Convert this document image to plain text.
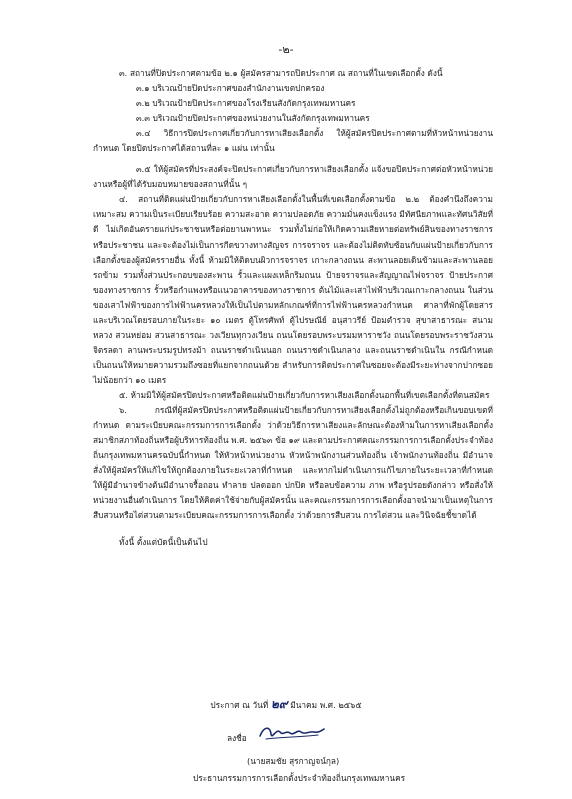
-๒-

๓. สถานที่ปิดประกาศตามข้อ ๒.๑ ผู้สมัครสามารถปิดประกาศ ณ สถานที่ในเขตเลือกตั้ง ดังนี้

๓.๑ บริเวณป้ายปิดประกาศของสำนักงานเขตปกครอง

๓.๒ บริเวณป้ายปิดประกาศของโรงเรียนสังกัดกรุงเทพมหานคร

๓.๓ บริเวณป้ายปิดประกาศของหน่วยงานในสังกัดกรุงเทพมหานคร

๓.๔ วิธีการปิดประกาศเกี่ยวกับการหาเสียงเลือกตั้ง ให้ผู้สมัครปิดประกาศตามที่หัวหน้าหน่วยงานกำหนด โดยปิดประกาศได้สถานที่ละ ๑ แผ่น เท่านั้น

๓.๕ ให้ผู้สมัครที่ประสงค์จะปิดประกาศเกี่ยวกับการหาเสียงเลือกตั้ง แจ้งขอปิดประกาศต่อหัวหน้าหน่วยงานหรือผู้ที่ได้รับมอบหมายของสถานที่นั้น ๆ

๔. สถานที่ติดแผ่นป้ายเกี่ยวกับการหาเสียงเลือกตั้งในพื้นที่เขตเลือกตั้งตามข้อ ๒.๒ ต้องคำนึงถึงความเหมาะสม ความเป็นระเบียบเรียบร้อย ความสะอาด ความปลอดภัย ความมั่นคงแข็งแรง มีทัศนียภาพและทัศนวิสัยที่ดี ไม่เกิดอันตรายแก่ประชาชนหรือต่อยานพาหนะ รวมทั้งไม่ก่อให้เกิดความเสียหายต่อทรัพย์สินของทางราชการหรือประชาชน และจะต้องไม่เป็นการกีดขวางทางสัญจร การจราจร และต้องไม่ติดทับซ้อนกับแผ่นป้ายเกี่ยวกับการเลือกตั้งของผู้สมัครรายอื่น ทั้งนี้ ห้ามมิให้ติดบนผิวการจราจร เกาะกลางถนน สะพานลอยเดินข้ามและสะพานลอยรถข้าม รวมทั้งส่วนประกอบของสะพาน รั้วและแผงเหล็กริมถนน ป้ายจราจรและสัญญาณไฟจราจร ป้ายประกาศของทางราชการ รั้วหรือกำแพงหรือแนวอาคารของทางราชการ ต้นไม้และเสาไฟฟ้าบริเวณเกาะกลางถนน ในส่วนของเสาไฟฟ้าของการไฟฟ้านครหลวงให้เป็นไปตามหลักเกณฑ์ที่การไฟฟ้านครหลวงกำหนด ศาลาที่พักผู้โดยสารและบริเวณโดยรอบภายในระยะ ๑๐ เมตร ตู้โทรศัพท์ ตู้ไปรษณีย์ อนุสาวรีย์ ป้อมตำรวจ สุขาสาธารณะ สนามหลวง สวนหย่อม สวนสาธารณะ วงเวียนทุกวงเวียน ถนนโดยรอบพระบรมมหาราชวัง ถนนโดยรอบพระราชวังสวนจิตรลดา ลานพระบรมรูปทรงม้า ถนนราชดำเนินนอก ถนนราชดำเนินกลาง และถนนราชดำเนินใน กรณีกำหนดเป็นถนนให้หมายความรวมถึงซอยที่แยกจากถนนด้วย สำหรับการติดประกาศในซอยจะต้องมีระยะห่างจากปากซอยไม่น้อยกว่า ๑๐ เมตร

๕. ห้ามมิให้ผู้สมัครปิดประกาศหรือติดแผ่นป้ายเกี่ยวกับการหาเสียงเลือกตั้งนอกพื้นที่เขตเลือกตั้งที่ตนสมัคร

๖. กรณีที่ผู้สมัครปิดประกาศหรือติดแผ่นป้ายเกี่ยวกับการหาเสียงเลือกตั้งไม่ถูกต้องหรือเกินขอบเขตที่กำหนด ตามระเบียบคณะกรรมการการเลือกตั้ง ว่าด้วยวิธีการหาเสียงและลักษณะต้องห้ามในการหาเสียงเลือกตั้งสมาชิกสภาท้องถิ่นหรือผู้บริหารท้องถิ่น พ.ศ. ๒๕๖๓ ข้อ ๑๙ และตามประกาศคณะกรรมการการเลือกตั้งประจำท้องถิ่นกรุงเทพมหานครฉบับนี้กำหนด ให้หัวหน้าหน่วยงาน หัวหน้าพนักงานส่วนท้องถิ่น เจ้าพนักงานท้องถิ่น มีอำนาจสั่งให้ผู้สมัครให้แก้ไขให้ถูกต้องภายในระยะเวลาที่กำหนด และหากไม่ดำเนินการแก้ไขภายในระยะเวลาที่กำหนด ให้ผู้มีอำนาจข้างต้นมีอำนาจรื้อถอน ทำลาย ปลดออก ปกปิด หรือลบข้อความ ภาพ หรือรูปรอยดังกล่าว หรือสั่งให้หน่วยงานอื่นดำเนินการ โดยให้คิดค่าใช้จ่ายกับผู้สมัครนั้น และคณะกรรมการการเลือกตั้งอาจนำมาเป็นเหตุในการสืบสวนหรือไต่สวนตามระเบียบคณะกรรมการการเลือกตั้ง ว่าด้วยการสืบสวน การไต่สวน และวินิจฉัยชี้ขาดได้

ทั้งนี้ ตั้งแต่บัดนี้เป็นต้นไป

ประกาศ ณ วันที่ ๒๙ มีนาคม พ.ศ. ๒๕๖๕
ลงชื่อ
(นายสมชัย สุรกาญจน์กุล)
ประธานกรรมการการเลือกตั้งประจำท้องถิ่นกรุงเทพมหานคร
